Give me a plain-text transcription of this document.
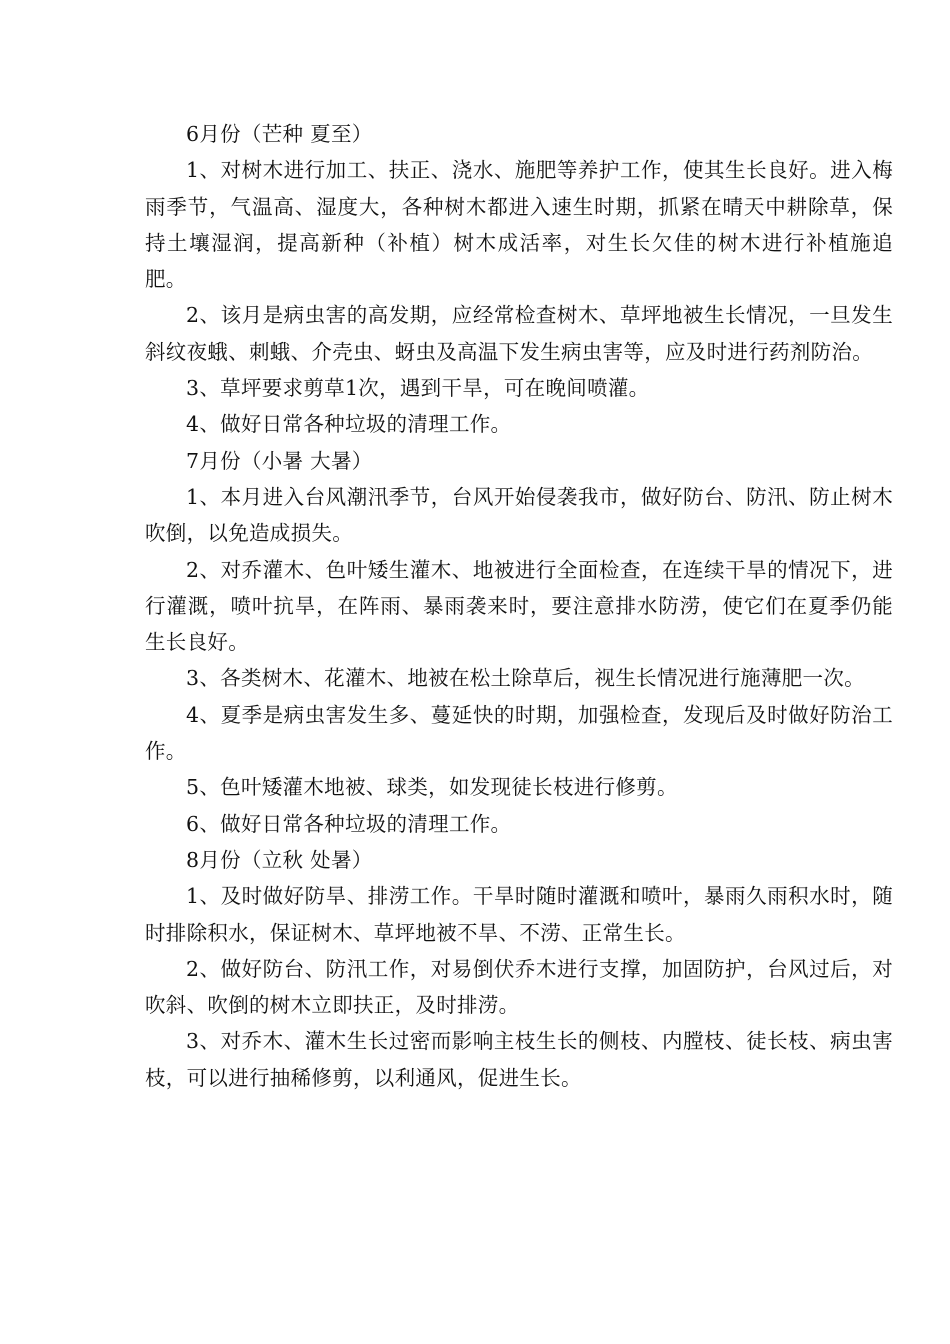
6月份（芒种 夏至）

1、对树木进行加工、扶正、浇水、施肥等养护工作，使其生长良好。进入梅雨季节，气温高、湿度大，各种树木都进入速生时期，抓紧在晴天中耕除草，保持土壤湿润，提高新种（补植）树木成活率，对生长欠佳的树木进行补植施追肥。

2、该月是病虫害的高发期，应经常检查树木、草坪地被生长情况，一旦发生斜纹夜蛾、刺蛾、介壳虫、蚜虫及高温下发生病虫害等，应及时进行药剂防治。

3、草坪要求剪草1次，遇到干旱，可在晚间喷灌。

4、做好日常各种垃圾的清理工作。

7月份（小暑 大暑）

1、本月进入台风潮汛季节，台风开始侵袭我市，做好防台、防汛、防止树木吹倒，以免造成损失。

2、对乔灌木、色叶矮生灌木、地被进行全面检查，在连续干旱的情况下，进行灌溉，喷叶抗旱，在阵雨、暴雨袭来时，要注意排水防涝，使它们在夏季仍能生长良好。

3、各类树木、花灌木、地被在松土除草后，视生长情况进行施薄肥一次。

4、夏季是病虫害发生多、蔓延快的时期，加强检查，发现后及时做好防治工作。

5、色叶矮灌木地被、球类，如发现徒长枝进行修剪。

6、做好日常各种垃圾的清理工作。

8月份（立秋 处暑）

1、及时做好防旱、排涝工作。干旱时随时灌溉和喷叶，暴雨久雨积水时，随时排除积水，保证树木、草坪地被不旱、不涝、正常生长。

2、做好防台、防汛工作，对易倒伏乔木进行支撑，加固防护，台风过后，对吹斜、吹倒的树木立即扶正，及时排涝。

3、对乔木、灌木生长过密而影响主枝生长的侧枝、内膛枝、徒长枝、病虫害枝，可以进行抽稀修剪，以利通风，促进生长。
